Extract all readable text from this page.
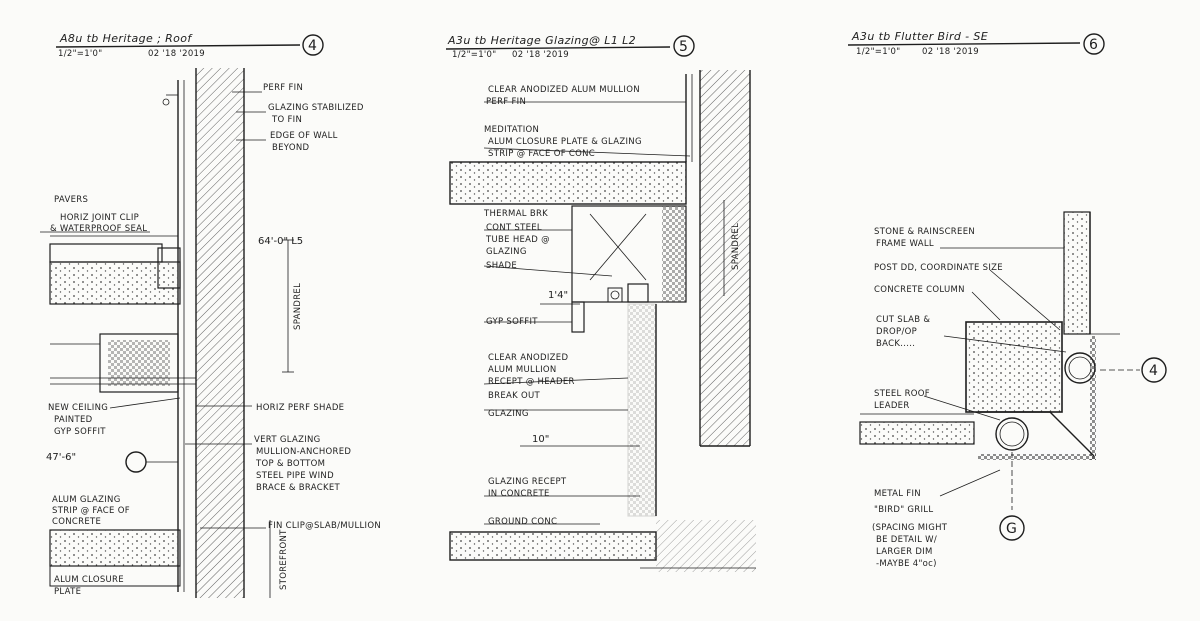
A8u tb Heritage ; Roof
1/2"=1'0"	02 '18 '2019	4
PERF FIN
GLAZING STABILIZED
TO FIN
EDGE OF WALL
BEYOND
PAVERS
HORIZ JOINT CLIP
& WATERPROOF SEAL
NEW CEILING
PAINTED
GYP SOFFIT
HORIZ PERF SHADE
VERT GLAZING
MULLION-ANCHORED
TOP & BOTTOM
STEEL PIPE WIND
BRACE & BRACKET
ALUM GLAZING
STRIP @ FACE OF
CONCRETE	FIN CLIP@SLAB/MULLION
ALUM CLOSURE
PLATE
64'-0" L5
47'-6"
SPANDREL
STOREFRONT
A3u tb Heritage Glazing@ L1 L2
1/2"=1'0" 02 '18 '2019	5
CLEAR ANODIZED ALUM MULLION
PERF FIN
MEDITATION
ALUM CLOSURE PLATE & GLAZING
STRIP @ FACE OF CONC
THERMAL BRK
CONT STEEL
TUBE HEAD @
GLAZING
SHADE
GYP SOFFIT
CLEAR ANODIZED
ALUM MULLION
RECEPT @ HEADER
BREAK OUT
GLAZING
GLAZING RECEPT
IN CONCRETE
GROUND CONC
1'4"
10"
SPANDREL
A3u tb Flutter Bird - SE
1/2"=1'0"	02 '18 '2019	6
4
G
STONE & RAINSCREEN
FRAME WALL
POST DD, COORDINATE SIZE
CONCRETE COLUMN
CUT SLAB &
DROP/OP
BACK.....
STEEL ROOF
LEADER
METAL FIN
"BIRD" GRILL
(SPACING MIGHT
BE DETAIL W/
LARGER DIM
-MAYBE 4"oc)
